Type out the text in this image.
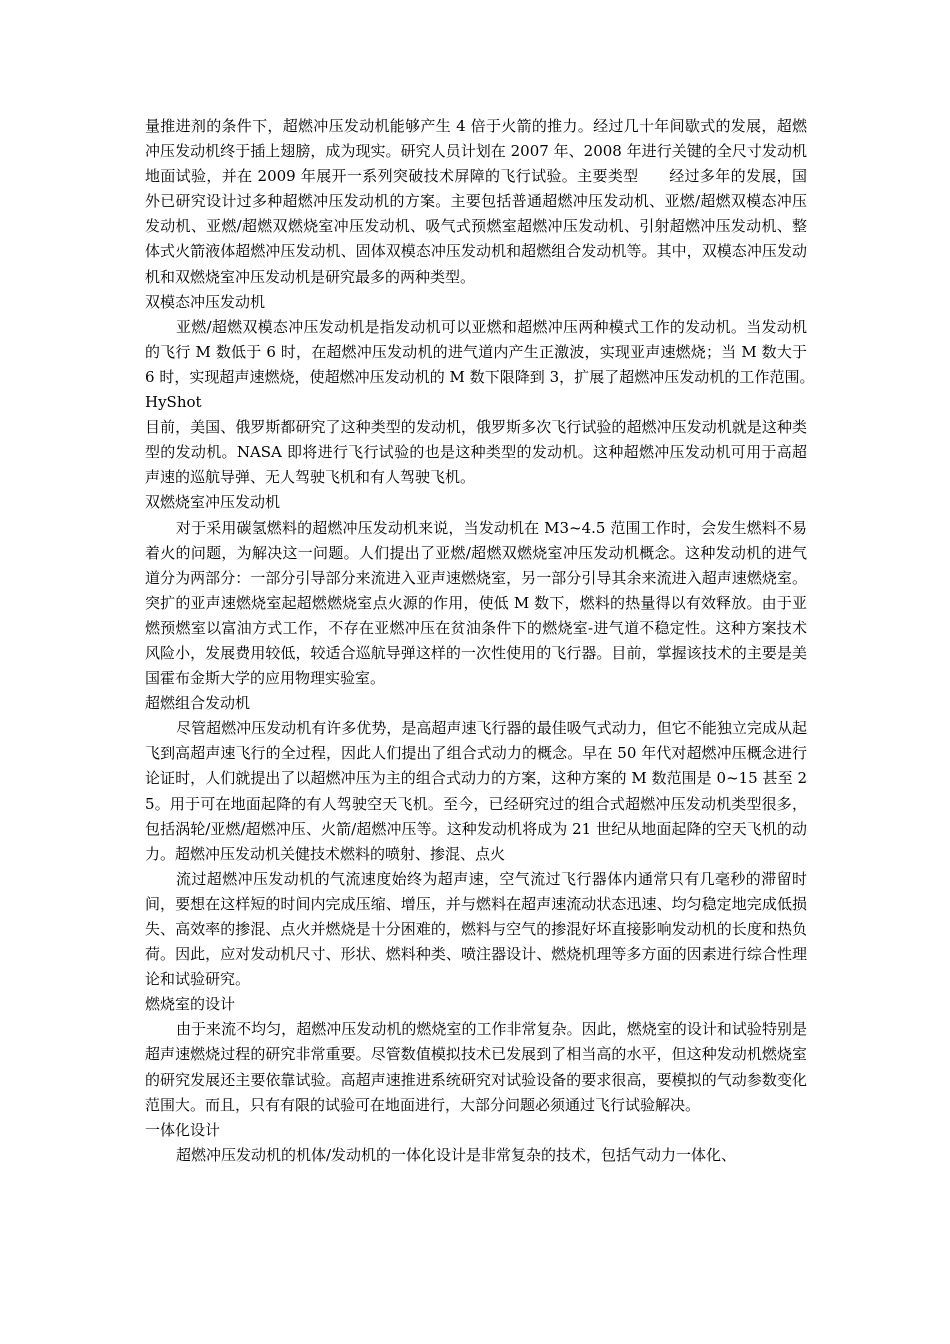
量推进剂的条件下，超燃冲压发动机能够产生 4 倍于火箭的推力。经过几十年间歇式的发展，超燃冲压发动机终于插上翅膀，成为现实。研究人员计划在 2007 年、2008 年进行关键的全尺寸发动机地面试验，并在 2009 年展开一系列突破技术屏障的飞行试验。主要类型　　经过多年的发展，国外已研究设计过多种超燃冲压发动机的方案。主要包括普通超燃冲压发动机、亚燃/超燃双模态冲压发动机、亚燃/超燃双燃烧室冲压发动机、吸气式预燃室超燃冲压发动机、引射超燃冲压发动机、整体式火箭液体超燃冲压发动机、固体双模态冲压发动机和超燃组合发动机等。其中，双模态冲压发动机和双燃烧室冲压发动机是研究最多的两种类型。

双模态冲压发动机

亚燃/超燃双模态冲压发动机是指发动机可以亚燃和超燃冲压两种模式工作的发动机。当发动机的飞行 M 数低于 6 时，在超燃冲压发动机的进气道内产生正激波，实现亚声速燃烧；当 M 数大于 6 时，实现超声速燃烧，使超燃冲压发动机的 M 数下限降到 3，扩展了超燃冲压发动机的工作范围。　 HyShot

目前，美国、俄罗斯都研究了这种类型的发动机，俄罗斯多次飞行试验的超燃冲压发动机就是这种类型的发动机。NASA 即将进行飞行试验的也是这种类型的发动机。这种超燃冲压发动机可用于高超声速的巡航导弹、无人驾驶飞机和有人驾驶飞机。

双燃烧室冲压发动机

对于采用碳氢燃料的超燃冲压发动机来说，当发动机在 M3~4.5 范围工作时，会发生燃料不易着火的问题，为解决这一问题。人们提出了亚燃/超燃双燃烧室冲压发动机概念。这种发动机的进气道分为两部分：一部分引导部分来流进入亚声速燃烧室，另一部分引导其余来流进入超声速燃烧室。突扩的亚声速燃烧室起超燃燃烧室点火源的作用，使低 M 数下，燃料的热量得以有效释放。由于亚燃预燃室以富油方式工作，不存在亚燃冲压在贫油条件下的燃烧室-进气道不稳定性。这种方案技术风险小，发展费用较低，较适合巡航导弹这样的一次性使用的飞行器。目前，掌握该技术的主要是美国霍布金斯大学的应用物理实验室。

超燃组合发动机

尽管超燃冲压发动机有许多优势，是高超声速飞行器的最佳吸气式动力，但它不能独立完成从起飞到高超声速飞行的全过程，因此人们提出了组合式动力的概念。早在 50 年代对超燃冲压概念进行论证时，人们就提出了以超燃冲压为主的组合式动力的方案，这种方案的 M 数范围是 0~15 甚至 25。用于可在地面起降的有人驾驶空天飞机。至今，已经研究过的组合式超燃冲压发动机类型很多，包括涡轮/亚燃/超燃冲压、火箭/超燃冲压等。这种发动机将成为 21 世纪从地面起降的空天飞机的动力。超燃冲压发动机关健技术燃料的喷射、掺混、点火

流过超燃冲压发动机的气流速度始终为超声速，空气流过飞行器体内通常只有几毫秒的滞留时间，要想在这样短的时间内完成压缩、增压，并与燃料在超声速流动状态迅速、均匀稳定地完成低损失、高效率的掺混、点火并燃烧是十分困难的，燃料与空气的掺混好坏直接影响发动机的长度和热负荷。因此，应对发动机尺寸、形状、燃料种类、喷注器设计、燃烧机理等多方面的因素进行综合性理论和试验研究。

燃烧室的设计

由于来流不均匀，超燃冲压发动机的燃烧室的工作非常复杂。因此，燃烧室的设计和试验特别是超声速燃烧过程的研究非常重要。尽管数值模拟技术已发展到了相当高的水平，但这种发动机燃烧室的研究发展还主要依靠试验。高超声速推进系统研究对试验设备的要求很高，要模拟的气动参数变化范围大。而且，只有有限的试验可在地面进行，大部分问题必须通过飞行试验解决。

一体化设计

超燃冲压发动机的机体/发动机的一体化设计是非常复杂的技术，包括气动力一体化、
